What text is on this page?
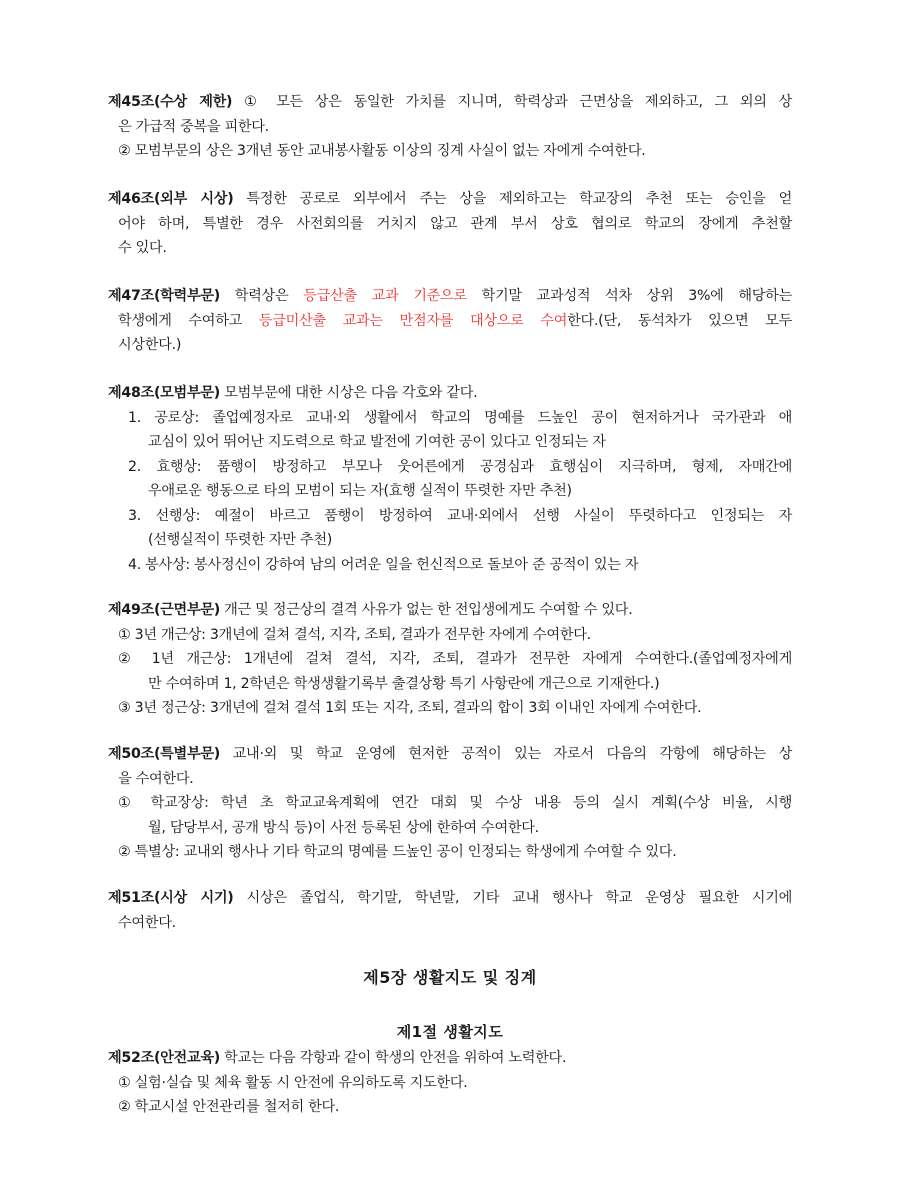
제45조(수상 제한) ① 모든 상은 동일한 가치를 지니며, 학력상과 근면상을 제외하고, 그 외의 상
은 가급적 중복을 피한다.
② 모범부문의 상은 3개년 동안 교내봉사활동 이상의 징계 사실이 없는 자에게 수여한다.
제46조(외부 시상) 특정한 공로로 외부에서 주는 상을 제외하고는 학교장의 추천 또는 승인을 얻
어야 하며, 특별한 경우 사전회의를 거치지 않고 관계 부서 상호 협의로 학교의 장에게 추천할
수 있다.
제47조(학력부문) 학력상은 등급산출 교과 기준으로 학기말 교과성적 석차 상위 3%에 해당하는
학생에게 수여하고 등급미산출 교과는 만점자를 대상으로 수여한다.(단, 동석차가 있으면 모두
시상한다.)
제48조(모범부문) 모범부문에 대한 시상은 다음 각호와 같다.
1. 공로상: 졸업예정자로 교내·외 생활에서 학교의 명예를 드높인 공이 현저하거나 국가관과 애
교심이 있어 뛰어난 지도력으로 학교 발전에 기여한 공이 있다고 인정되는 자
2. 효행상: 품행이 방정하고 부모나 웃어른에게 공경심과 효행심이 지극하며, 형제, 자매간에
우애로운 행동으로 타의 모범이 되는 자(효행 실적이 뚜렷한 자만 추천)
3. 선행상: 예절이 바르고 품행이 방정하여 교내·외에서 선행 사실이 뚜렷하다고 인정되는 자
(선행실적이 뚜렷한 자만 추천)
4. 봉사상: 봉사정신이 강하여 남의 어려운 일을 헌신적으로 돌보아 준 공적이 있는 자
제49조(근면부문) 개근 및 정근상의 결격 사유가 없는 한 전입생에게도 수여할 수 있다.
① 3년 개근상: 3개년에 걸쳐 결석, 지각, 조퇴, 결과가 전무한 자에게 수여한다.
② 1년 개근상: 1개년에 걸쳐 결석, 지각, 조퇴, 결과가 전무한 자에게 수여한다.(졸업예정자에게
만 수여하며 1, 2학년은 학생생활기록부 출결상황 특기 사항란에 개근으로 기재한다.)
③ 3년 정근상: 3개년에 걸쳐 결석 1회 또는 지각, 조퇴, 결과의 합이 3회 이내인 자에게 수여한다.
제50조(특별부문) 교내·외 및 학교 운영에 현저한 공적이 있는 자로서 다음의 각항에 해당하는 상
을 수여한다.
① 학교장상: 학년 초 학교교육계획에 연간 대회 및 수상 내용 등의 실시 계획(수상 비율, 시행
월, 담당부서, 공개 방식 등)이 사전 등록된 상에 한하여 수여한다.
② 특별상: 교내외 행사나 기타 학교의 명예를 드높인 공이 인정되는 학생에게 수여할 수 있다.
제51조(시상 시기) 시상은 졸업식, 학기말, 학년말, 기타 교내 행사나 학교 운영상 필요한 시기에
수여한다.
제5장 생활지도 및 징계
제1절 생활지도
제52조(안전교육) 학교는 다음 각항과 같이 학생의 안전을 위하여 노력한다.
① 실험·실습 및 체육 활동 시 안전에 유의하도록 지도한다.
② 학교시설 안전관리를 철저히 한다.
